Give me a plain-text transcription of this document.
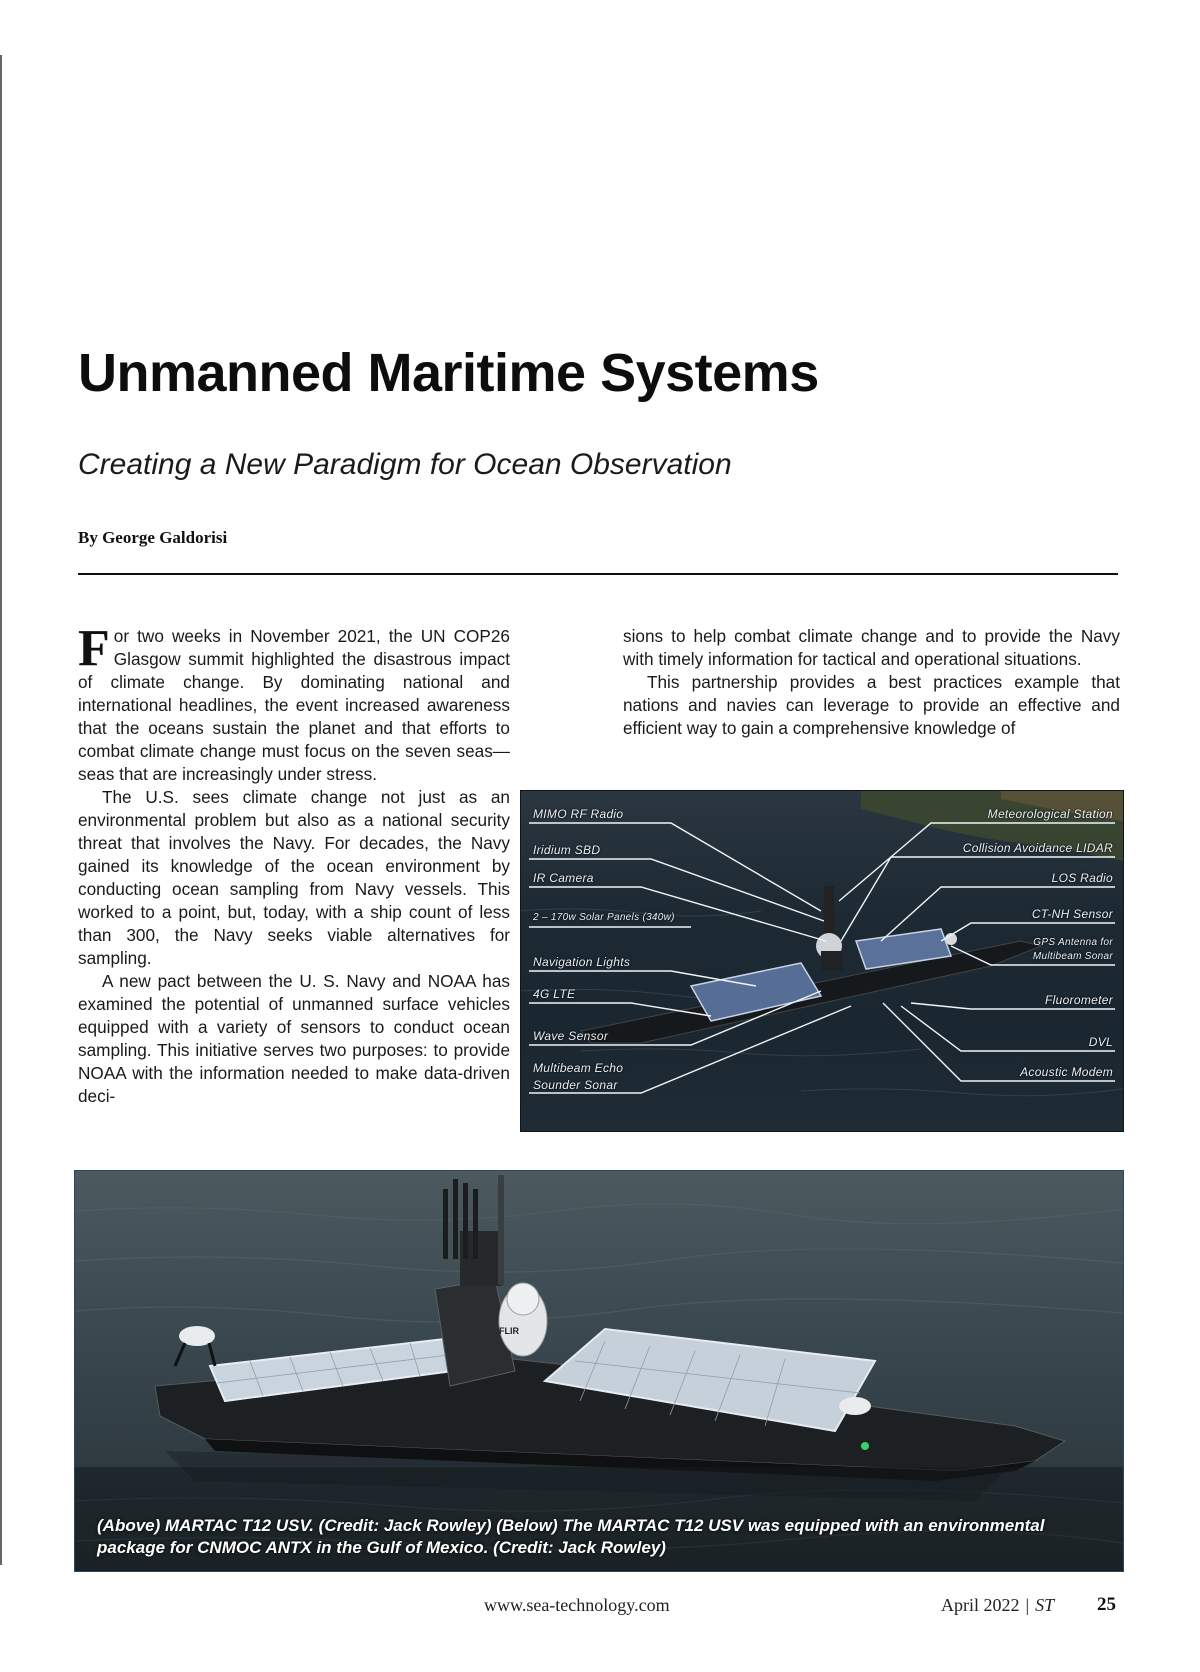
Unmanned Maritime Systems
Creating a New Paradigm for Ocean Observation

By George Galdorisi

For two weeks in November 2021, the UN COP26 Glasgow summit highlighted the disastrous impact of climate change. By dominating national and international headlines, the event increased awareness that the oceans sustain the planet and that efforts to combat climate change must focus on the seven seas—seas that are increasingly under stress.

The U.S. sees climate change not just as an environmental problem but also as a national security threat that involves the Navy. For decades, the Navy gained its knowledge of the ocean environment by conducting ocean sampling from Navy vessels. This worked to a point, but, today, with a ship count of less than 300, the Navy seeks viable alternatives for sampling.

A new pact between the U. S. Navy and NOAA has examined the potential of unmanned surface vehicles equipped with a variety of sensors to conduct ocean sampling. This initiative serves two purposes: to provide NOAA with the information needed to make data-driven deci-

sions to help combat climate change and to provide the Navy with timely information for tactical and operational situations.

This partnership provides a best practices example that nations and navies can leverage to provide an effective and efficient way to gain a comprehensive knowledge of

MIMO RF Radio
Iridium SBD
IR Camera
2 – 170w Solar Panels (340w)
Navigation Lights
4G LTE
Wave Sensor
Multibeam Echo
Sounder Sonar
Meteorological Station
Collision Avoidance LIDAR
LOS Radio
CT-NH Sensor
GPS Antenna for
Multibeam Sonar
Fluorometer
DVL
Acoustic Modem
FLIR

(Above) MARTAC T12 USV. (Credit: Jack Rowley) (Below) The MARTAC T12 USV was equipped with an environmental package for CNMOC ANTX in the Gulf of Mexico. (Credit: Jack Rowley)

www.sea-technology.com	April 2022 | ST 25
